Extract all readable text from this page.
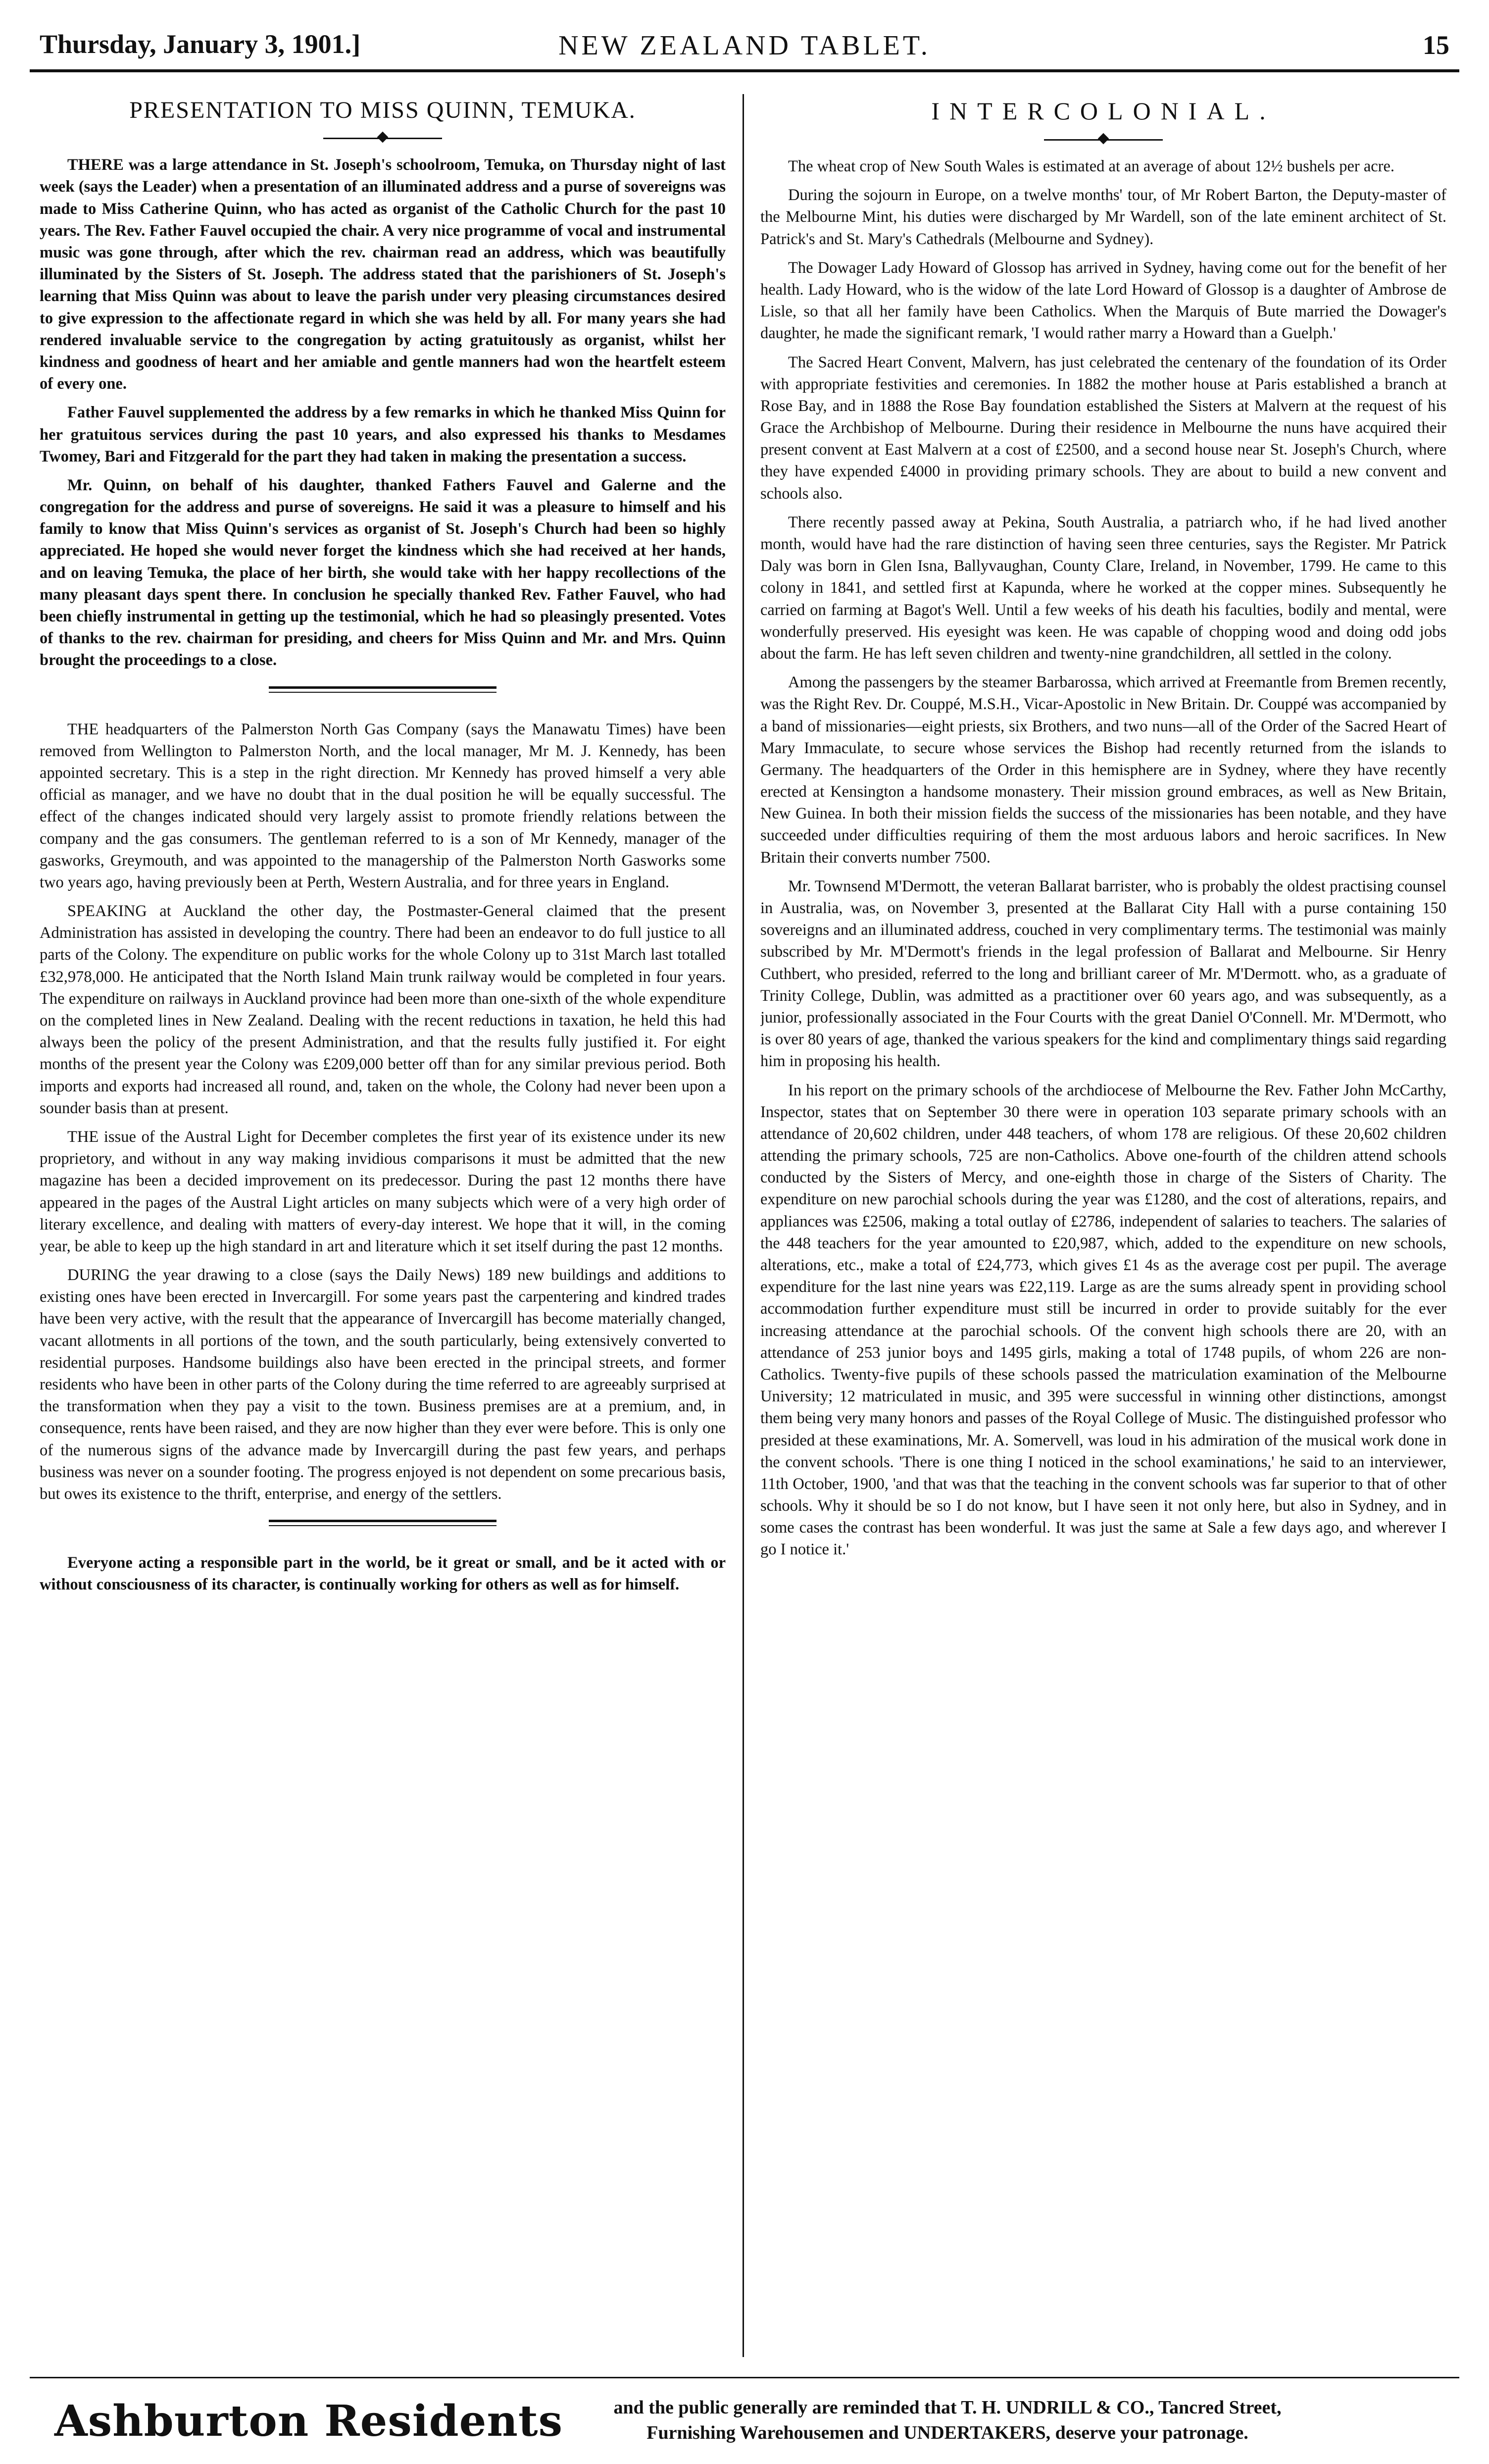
Thursday, January 3, 1901.]	NEW ZEALAND TABLET.	15
PRESENTATION TO MISS QUINN, TEMUKA.

THERE was a large attendance in St. Joseph's schoolroom, Temuka, on Thursday night of last week (says the Leader) when a presentation of an illuminated address and a purse of sovereigns was made to Miss Catherine Quinn, who has acted as organist of the Catholic Church for the past 10 years. The Rev. Father Fauvel occupied the chair. A very nice programme of vocal and instrumental music was gone through, after which the rev. chairman read an address, which was beautifully illuminated by the Sisters of St. Joseph. The address stated that the parishioners of St. Joseph's learning that Miss Quinn was about to leave the parish under very pleasing circumstances desired to give expression to the affectionate regard in which she was held by all. For many years she had rendered invaluable service to the congregation by acting gratuitously as organist, whilst her kindness and goodness of heart and her amiable and gentle manners had won the heartfelt esteem of every one.

Father Fauvel supplemented the address by a few remarks in which he thanked Miss Quinn for her gratuitous services during the past 10 years, and also expressed his thanks to Mesdames Twomey, Bari and Fitzgerald for the part they had taken in making the presentation a success.

Mr. Quinn, on behalf of his daughter, thanked Fathers Fauvel and Galerne and the congregation for the address and purse of sovereigns. He said it was a pleasure to himself and his family to know that Miss Quinn's services as organist of St. Joseph's Church had been so highly appreciated. He hoped she would never forget the kindness which she had received at her hands, and on leaving Temuka, the place of her birth, she would take with her happy recollections of the many pleasant days spent there. In conclusion he specially thanked Rev. Father Fauvel, who had been chiefly instrumental in getting up the testimonial, which he had so pleasingly presented. Votes of thanks to the rev. chairman for presiding, and cheers for Miss Quinn and Mr. and Mrs. Quinn brought the proceedings to a close.

THE headquarters of the Palmerston North Gas Company (says the Manawatu Times) have been removed from Wellington to Palmerston North, and the local manager, Mr M. J. Kennedy, has been appointed secretary. This is a step in the right direction. Mr Kennedy has proved himself a very able official as manager, and we have no doubt that in the dual position he will be equally successful. The effect of the changes indicated should very largely assist to promote friendly relations between the company and the gas consumers. The gentleman referred to is a son of Mr Kennedy, manager of the gasworks, Greymouth, and was appointed to the managership of the Palmerston North Gasworks some two years ago, having previously been at Perth, Western Australia, and for three years in England.

SPEAKING at Auckland the other day, the Postmaster-General claimed that the present Administration has assisted in developing the country. There had been an endeavor to do full justice to all parts of the Colony. The expenditure on public works for the whole Colony up to 31st March last totalled £32,978,000. He anticipated that the North Island Main trunk railway would be completed in four years. The expenditure on railways in Auckland province had been more than one-sixth of the whole expenditure on the completed lines in New Zealand. Dealing with the recent reductions in taxation, he held this had always been the policy of the present Administration, and that the results fully justified it. For eight months of the present year the Colony was £209,000 better off than for any similar previous period. Both imports and exports had increased all round, and, taken on the whole, the Colony had never been upon a sounder basis than at present.

THE issue of the Austral Light for December completes the first year of its existence under its new proprietory, and without in any way making invidious comparisons it must be admitted that the new magazine has been a decided improvement on its predecessor. During the past 12 months there have appeared in the pages of the Austral Light articles on many subjects which were of a very high order of literary excellence, and dealing with matters of every-day interest. We hope that it will, in the coming year, be able to keep up the high standard in art and literature which it set itself during the past 12 months.

DURING the year drawing to a close (says the Daily News) 189 new buildings and additions to existing ones have been erected in Invercargill. For some years past the carpentering and kindred trades have been very active, with the result that the appearance of Invercargill has become materially changed, vacant allotments in all portions of the town, and the south particularly, being extensively converted to residential purposes. Handsome buildings also have been erected in the principal streets, and former residents who have been in other parts of the Colony during the time referred to are agreeably surprised at the transformation when they pay a visit to the town. Business premises are at a premium, and, in consequence, rents have been raised, and they are now higher than they ever were before. This is only one of the numerous signs of the advance made by Invercargill during the past few years, and perhaps business was never on a sounder footing. The progress enjoyed is not dependent on some precarious basis, but owes its existence to the thrift, enterprise, and energy of the settlers.

Everyone acting a responsible part in the world, be it great or small, and be it acted with or without consciousness of its character, is continually working for others as well as for himself.

INTERCOLONIAL.

The wheat crop of New South Wales is estimated at an average of about 12½ bushels per acre.

During the sojourn in Europe, on a twelve months' tour, of Mr Robert Barton, the Deputy-master of the Melbourne Mint, his duties were discharged by Mr Wardell, son of the late eminent architect of St. Patrick's and St. Mary's Cathedrals (Melbourne and Sydney).

The Dowager Lady Howard of Glossop has arrived in Sydney, having come out for the benefit of her health. Lady Howard, who is the widow of the late Lord Howard of Glossop is a daughter of Ambrose de Lisle, so that all her family have been Catholics. When the Marquis of Bute married the Dowager's daughter, he made the significant remark, 'I would rather marry a Howard than a Guelph.'

The Sacred Heart Convent, Malvern, has just celebrated the centenary of the foundation of its Order with appropriate festivities and ceremonies. In 1882 the mother house at Paris established a branch at Rose Bay, and in 1888 the Rose Bay foundation established the Sisters at Malvern at the request of his Grace the Archbishop of Melbourne. During their residence in Melbourne the nuns have acquired their present convent at East Malvern at a cost of £2500, and a second house near St. Joseph's Church, where they have expended £4000 in providing primary schools. They are about to build a new convent and schools also.

There recently passed away at Pekina, South Australia, a patriarch who, if he had lived another month, would have had the rare distinction of having seen three centuries, says the Register. Mr Patrick Daly was born in Glen Isna, Ballyvaughan, County Clare, Ireland, in November, 1799. He came to this colony in 1841, and settled first at Kapunda, where he worked at the copper mines. Subsequently he carried on farming at Bagot's Well. Until a few weeks of his death his faculties, bodily and mental, were wonderfully preserved. His eyesight was keen. He was capable of chopping wood and doing odd jobs about the farm. He has left seven children and twenty-nine grandchildren, all settled in the colony.

Among the passengers by the steamer Barbarossa, which arrived at Freemantle from Bremen recently, was the Right Rev. Dr. Couppé, M.S.H., Vicar-Apostolic in New Britain. Dr. Couppé was accompanied by a band of missionaries—eight priests, six Brothers, and two nuns—all of the Order of the Sacred Heart of Mary Immaculate, to secure whose services the Bishop had recently returned from the islands to Germany. The headquarters of the Order in this hemisphere are in Sydney, where they have recently erected at Kensington a handsome monastery. Their mission ground embraces, as well as New Britain, New Guinea. In both their mission fields the success of the missionaries has been notable, and they have succeeded under difficulties requiring of them the most arduous labors and heroic sacrifices. In New Britain their converts number 7500.

Mr. Townsend M'Dermott, the veteran Ballarat barrister, who is probably the oldest practising counsel in Australia, was, on November 3, presented at the Ballarat City Hall with a purse containing 150 sovereigns and an illuminated address, couched in very complimentary terms. The testimonial was mainly subscribed by Mr. M'Dermott's friends in the legal profession of Ballarat and Melbourne. Sir Henry Cuthbert, who presided, referred to the long and brilliant career of Mr. M'Dermott. who, as a graduate of Trinity College, Dublin, was admitted as a practitioner over 60 years ago, and was subsequently, as a junior, professionally associated in the Four Courts with the great Daniel O'Connell. Mr. M'Dermott, who is over 80 years of age, thanked the various speakers for the kind and complimentary things said regarding him in proposing his health.

In his report on the primary schools of the archdiocese of Melbourne the Rev. Father John McCarthy, Inspector, states that on September 30 there were in operation 103 separate primary schools with an attendance of 20,602 children, under 448 teachers, of whom 178 are religious. Of these 20,602 children attending the primary schools, 725 are non-Catholics. Above one-fourth of the children attend schools conducted by the Sisters of Mercy, and one-eighth those in charge of the Sisters of Charity. The expenditure on new parochial schools during the year was £1280, and the cost of alterations, repairs, and appliances was £2506, making a total outlay of £2786, independent of salaries to teachers. The salaries of the 448 teachers for the year amounted to £20,987, which, added to the expenditure on new schools, alterations, etc., make a total of £24,773, which gives £1 4s as the average cost per pupil. The average expenditure for the last nine years was £22,119. Large as are the sums already spent in providing school accommodation further expenditure must still be incurred in order to provide suitably for the ever increasing attendance at the parochial schools. Of the convent high schools there are 20, with an attendance of 253 junior boys and 1495 girls, making a total of 1748 pupils, of whom 226 are non-Catholics. Twenty-five pupils of these schools passed the matriculation examination of the Melbourne University; 12 matriculated in music, and 395 were successful in winning other distinctions, amongst them being very many honors and passes of the Royal College of Music. The distinguished professor who presided at these examinations, Mr. A. Somervell, was loud in his admiration of the musical work done in the convent schools. 'There is one thing I noticed in the school examinations,' he said to an interviewer, 11th October, 1900, 'and that was that the teaching in the convent schools was far superior to that of other schools. Why it should be so I do not know, but I have seen it not only here, but also in Sydney, and in some cases the contrast has been wonderful. It was just the same at Sale a few days ago, and wherever I go I notice it.'

Ashburton Residents	and the public generally are reminded that T. H. UNDRILL & CO., Tancred Street,
Furnishing Warehousemen and UNDERTAKERS, deserve your patronage.
